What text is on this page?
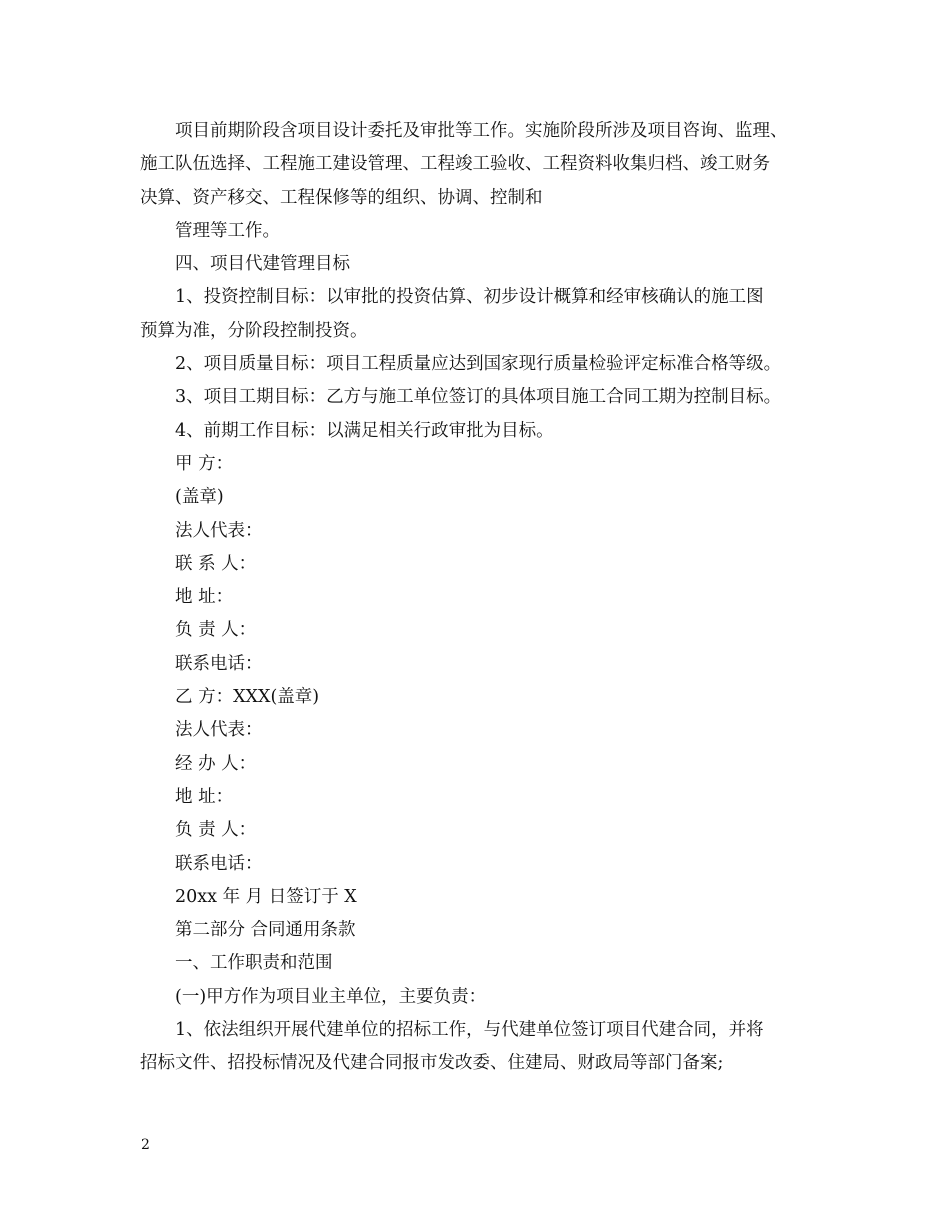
项目前期阶段含项目设计委托及审批等工作。实施阶段所涉及项目咨询、监理、
施工队伍选择、工程施工建设管理、工程竣工验收、工程资料收集归档、竣工财务
决算、资产移交、工程保修等的组织、协调、控制和
管理等工作。
四、项目代建管理目标
1、投资控制目标：以审批的投资估算、初步设计概算和经审核确认的施工图
预算为准，分阶段控制投资。
2、项目质量目标：项目工程质量应达到国家现行质量检验评定标准合格等级。
3、项目工期目标：乙方与施工单位签订的具体项目施工合同工期为控制目标。
4、前期工作目标：以满足相关行政审批为目标。
甲 方：
(盖章)
法人代表：
联 系 人：
地 址：
负 责 人：
联系电话：
乙 方：XXX(盖章)
法人代表：
经 办 人：
地 址：
负 责 人：
联系电话：
20xx 年 月 日签订于 X
第二部分 合同通用条款
一、工作职责和范围
(一)甲方作为项目业主单位，主要负责：
1、依法组织开展代建单位的招标工作，与代建单位签订项目代建合同，并将
招标文件、招投标情况及代建合同报市发改委、住建局、财政局等部门备案;
2
